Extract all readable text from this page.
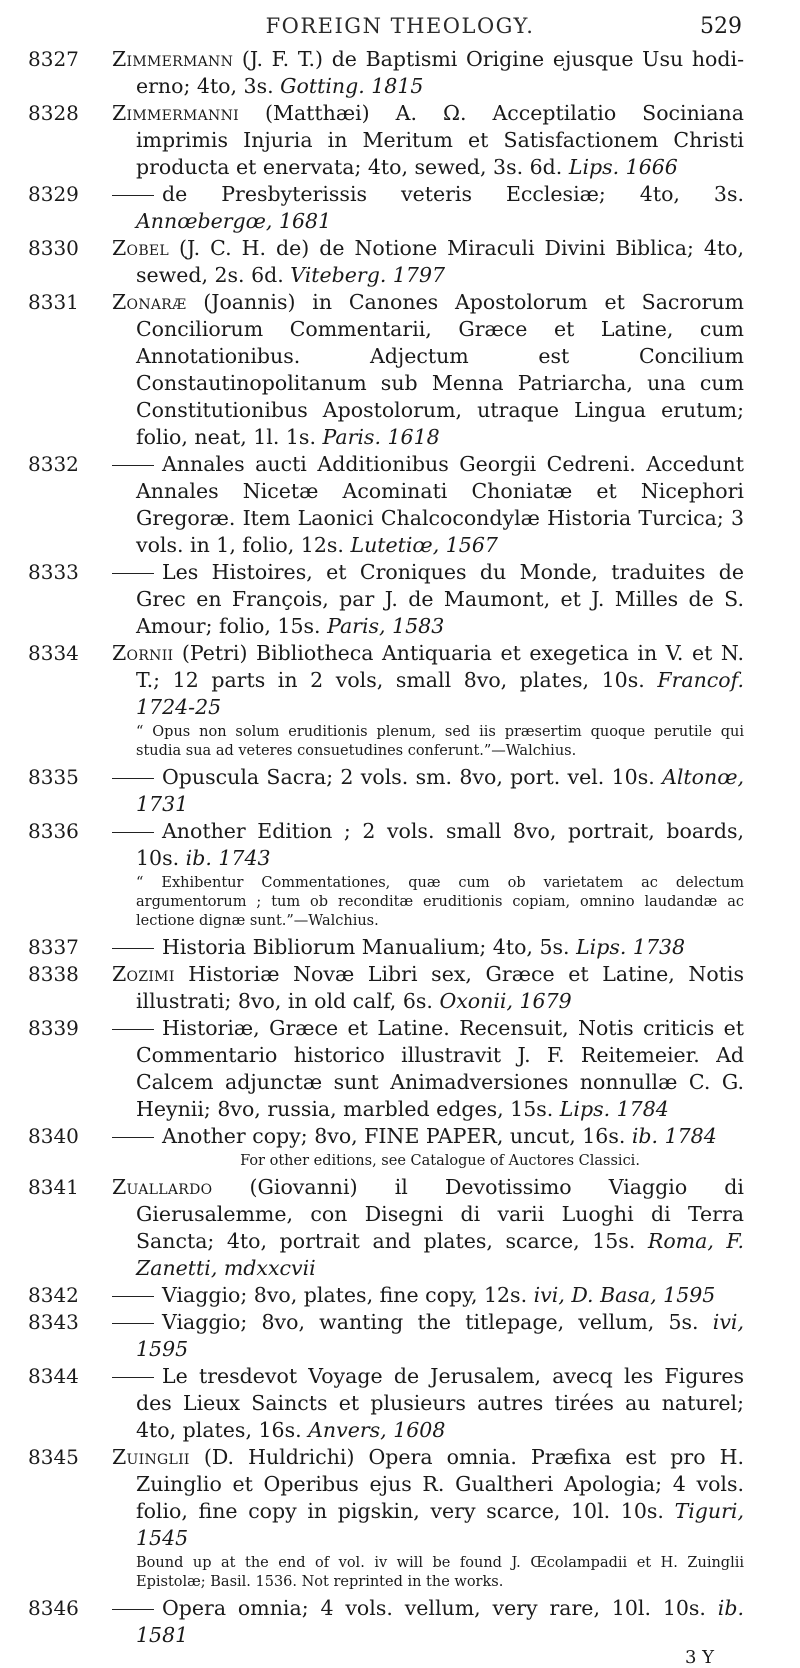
FOREIGN THEOLOGY.	529
8327	Zimmermann (J. F. T.) de Baptismi Origine ejusque Usu hodi-erno; 4to, 3s. Gotting. 1815
8328	Zimmermanni (Matthæi) A. Ω. Acceptilatio Sociniana imprimis Injuria in Meritum et Satisfactionem Christi producta et enervata; 4to, sewed, 3s. 6d. Lips. 1666
8329	de Presbyterissis veteris Ecclesiæ; 4to, 3s. Annœbergœ, 1681
8330	Zobel (J. C. H. de) de Notione Miraculi Divini Biblica; 4to, sewed, 2s. 6d. Viteberg. 1797
8331	Zonaræ (Joannis) in Canones Apostolorum et Sacrorum Conciliorum Commentarii, Græce et Latine, cum Annotationibus. Adjectum est Concilium Constautinopolitanum sub Menna Patriarcha, una cum Constitutionibus Apostolorum, utraque Lingua erutum; folio, neat, 1l. 1s. Paris. 1618
8332	Annales aucti Additionibus Georgii Cedreni. Accedunt Annales Nicetæ Acominati Choniatæ et Nicephori Gregoræ. Item Laonici Chalcocondylæ Historia Turcica; 3 vols. in 1, folio, 12s. Lutetiœ, 1567
8333	Les Histoires, et Croniques du Monde, traduites de Grec en François, par J. de Maumont, et J. Milles de S. Amour; folio, 15s. Paris, 1583
8334	Zornii (Petri) Bibliotheca Antiquaria et exegetica in V. et N. T.; 12 parts in 2 vols, small 8vo, plates, 10s. Francof. 1724-25
“ Opus non solum eruditionis plenum, sed iis præsertim quoque perutile qui studia sua ad veteres consuetudines conferunt.”—Walchius.
8335	Opuscula Sacra; 2 vols. sm. 8vo, port. vel. 10s. Altonœ, 1731
8336	Another Edition ; 2 vols. small 8vo, portrait, boards, 10s. ib. 1743
“ Exhibentur Commentationes, quæ cum ob varietatem ac delectum argumentorum ; tum ob reconditæ eruditionis copiam, omnino laudandæ ac lectione dignæ sunt.”—Walchius.
8337	Historia Bibliorum Manualium; 4to, 5s. Lips. 1738
8338	Zozimi Historiæ Novæ Libri sex, Græce et Latine, Notis illustrati; 8vo, in old calf, 6s. Oxonii, 1679
8339	Historiæ, Græce et Latine. Recensuit, Notis criticis et Commentario historico illustravit J. F. Reitemeier. Ad Calcem adjunctæ sunt Animadversiones nonnullæ C. G. Heynii; 8vo, russia, marbled edges, 15s. Lips. 1784
8340	Another copy; 8vo, FINE PAPER, uncut, 16s. ib. 1784
For other editions, see Catalogue of Auctores Classici.
8341	Zuallardo (Giovanni) il Devotissimo Viaggio di Gierusalemme, con Disegni di varii Luoghi di Terra Sancta; 4to, portrait and plates, scarce, 15s. Roma, F. Zanetti, mdxxcvii
8342	Viaggio; 8vo, plates, fine copy, 12s. ivi, D. Basa, 1595
8343	Viaggio; 8vo, wanting the titlepage, vellum, 5s. ivi, 1595
8344	Le tresdevot Voyage de Jerusalem, avecq les Figures des Lieux Saincts et plusieurs autres tirées au naturel; 4to, plates, 16s. Anvers, 1608
8345	Zuinglii (D. Huldrichi) Opera omnia. Præfixa est pro H. Zuinglio et Operibus ejus R. Gualtheri Apologia; 4 vols. folio, fine copy in pigskin, very scarce, 10l. 10s. Tiguri, 1545
Bound up at the end of vol. iv will be found J. Œcolampadii et H. Zuinglii Epistolæ; Basil. 1536. Not reprinted in the works.
8346	Opera omnia; 4 vols. vellum, very rare, 10l. 10s. ib. 1581
3 Y
